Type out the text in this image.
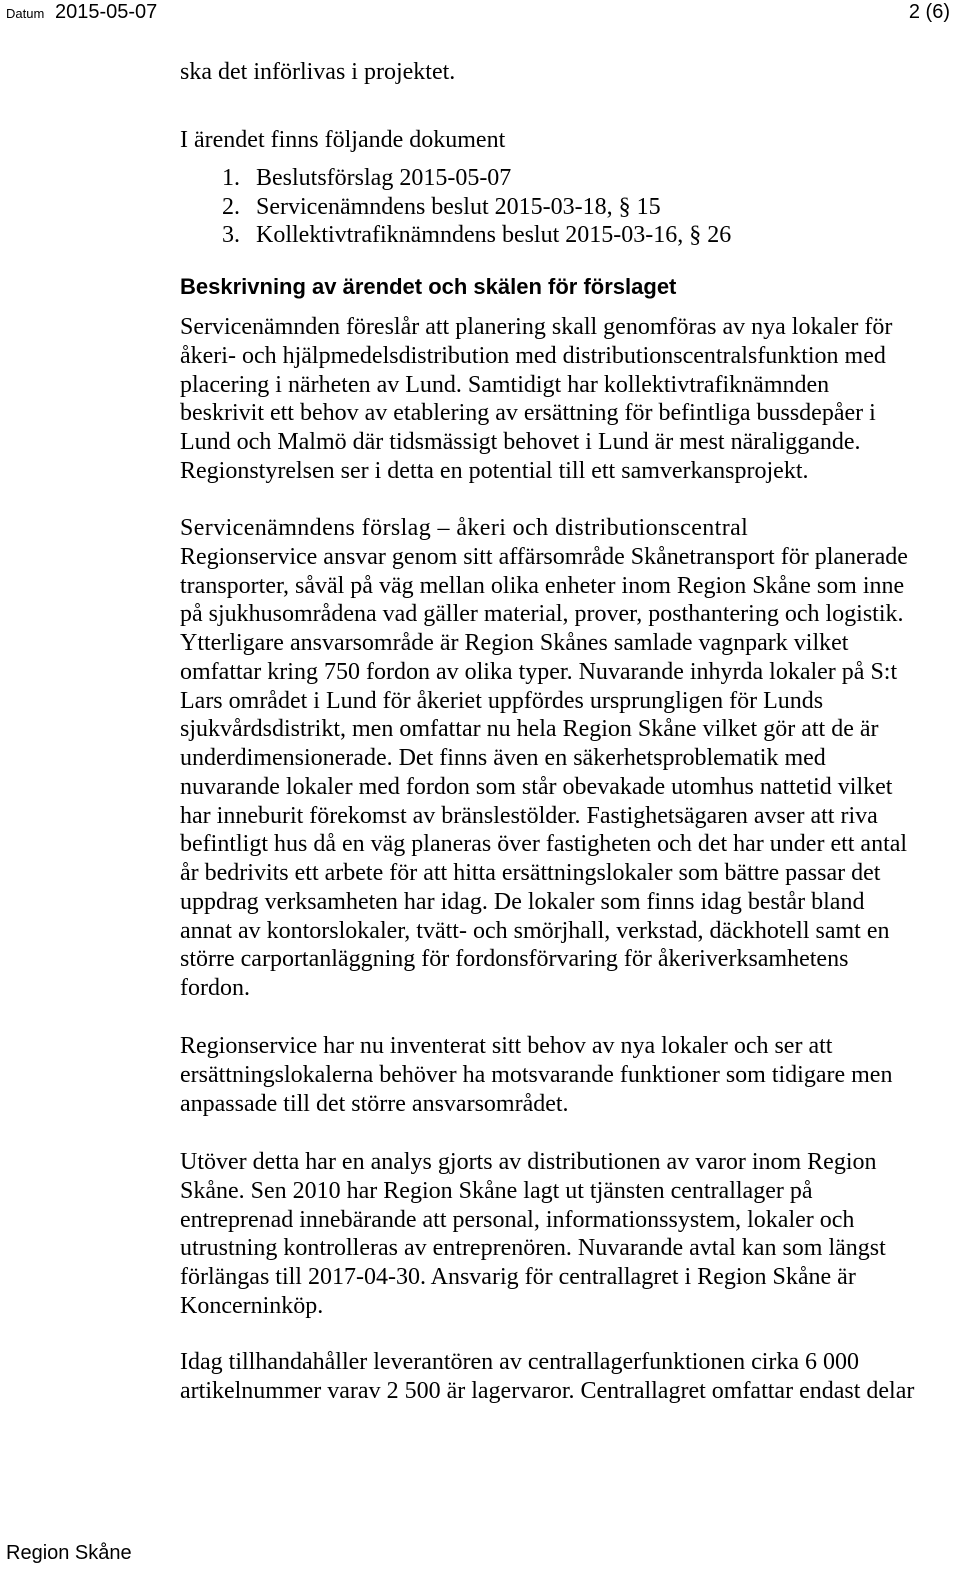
Datum 2015-05-07	2 (6)
ska det införlivas i projektet.
I ärendet finns följande dokument
1. Beslutsförslag 2015-05-07
2. Servicenämndens beslut 2015-03-18, § 15
3. Kollektivtrafiknämndens beslut 2015-03-16, § 26
Beskrivning av ärendet och skälen för förslaget
Servicenämnden föreslår att planering skall genomföras av nya lokaler för
åkeri- och hjälpmedelsdistribution med distributionscentralsfunktion med
placering i närheten av Lund. Samtidigt har kollektivtrafiknämnden
beskrivit ett behov av etablering av ersättning för befintliga bussdepåer i
Lund och Malmö där tidsmässigt behovet i Lund är mest näraliggande.
Regionstyrelsen ser i detta en potential till ett samverkansprojekt.
Servicenämndens förslag – åkeri och distributionscentral
Regionservice ansvar genom sitt affärsområde Skånetransport för planerade
transporter, såväl på väg mellan olika enheter inom Region Skåne som inne
på sjukhusområdena vad gäller material, prover, posthantering och logistik.
Ytterligare ansvarsområde är Region Skånes samlade vagnpark vilket
omfattar kring 750 fordon av olika typer. Nuvarande inhyrda lokaler på S:t
Lars området i Lund för åkeriet uppfördes ursprungligen för Lunds
sjukvårdsdistrikt, men omfattar nu hela Region Skåne vilket gör att de är
underdimensionerade. Det finns även en säkerhetsproblematik med
nuvarande lokaler med fordon som står obevakade utomhus nattetid vilket
har inneburit förekomst av bränslestölder. Fastighetsägaren avser att riva
befintligt hus då en väg planeras över fastigheten och det har under ett antal
år bedrivits ett arbete för att hitta ersättningslokaler som bättre passar det
uppdrag verksamheten har idag. De lokaler som finns idag består bland
annat av kontorslokaler, tvätt- och smörjhall, verkstad, däckhotell samt en
större carportanläggning för fordonsförvaring för åkeriverksamhetens
fordon.
Regionservice har nu inventerat sitt behov av nya lokaler och ser att
ersättningslokalerna behöver ha motsvarande funktioner som tidigare men
anpassade till det större ansvarsområdet.
Utöver detta har en analys gjorts av distributionen av varor inom Region
Skåne. Sen 2010 har Region Skåne lagt ut tjänsten centrallager på
entreprenad innebärande att personal, informationssystem, lokaler och
utrustning kontrolleras av entreprenören. Nuvarande avtal kan som längst
förlängas till 2017-04-30. Ansvarig för centrallagret i Region Skåne är
Koncerninköp.
Idag tillhandahåller leverantören av centrallagerfunktionen cirka 6 000
artikelnummer varav 2 500 är lagervaror. Centrallagret omfattar endast delar
Region Skåne
